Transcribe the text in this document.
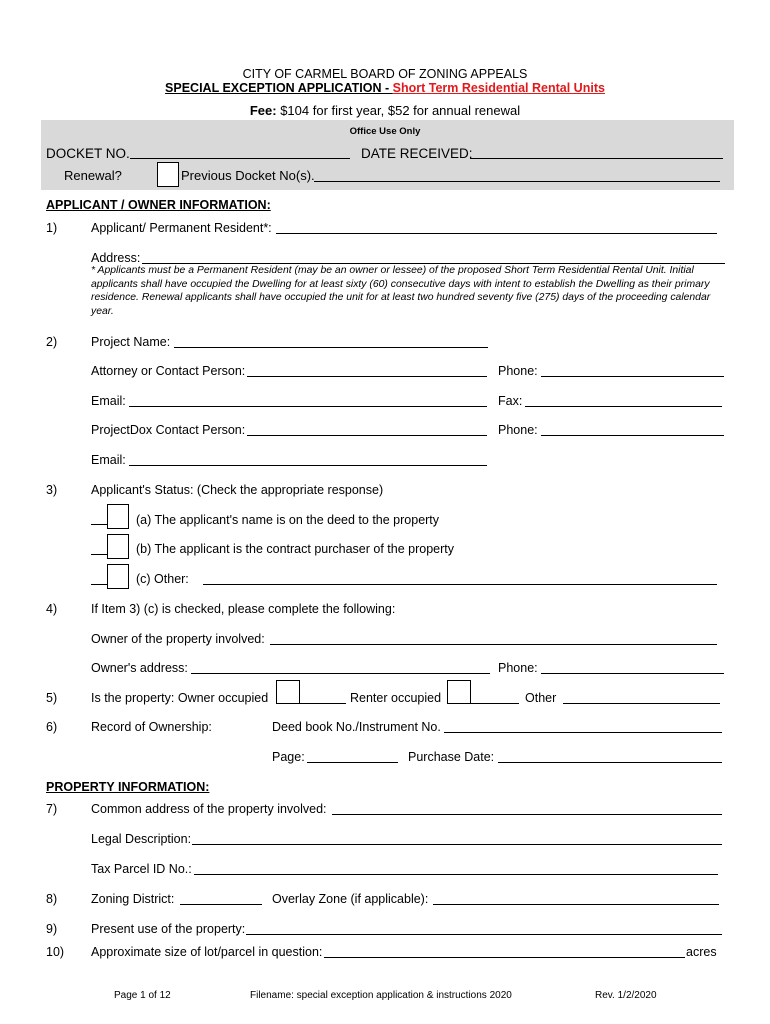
CITY OF CARMEL BOARD OF ZONING APPEALS
SPECIAL EXCEPTION APPLICATION - Short Term Residential Rental Units
Fee: $104 for first year, $52 for annual renewal
Office Use Only
DOCKET NO.	DATE RECEIVED:
Renewal?	Previous Docket No(s).
APPLICANT / OWNER INFORMATION:
1)	Applicant/ Permanent Resident*:
Address:
* Applicants must be a Permanent Resident (may be an owner or lessee) of the proposed Short Term Residential Rental Unit. Initial applicants shall have occupied the Dwelling for at least sixty (60) consecutive days with intent to establish the Dwelling as their primary residence. Renewal applicants shall have occupied the unit for at least two hundred seventy five (275) days of the proceeding calendar year.
2)	Project Name:
Attorney or Contact Person:	Phone:
Email:	Fax:
ProjectDox Contact Person:	Phone:
Email:
3)	Applicant's Status: (Check the appropriate response)
(a) The applicant's name is on the deed to the property
(b) The applicant is the contract purchaser of the property
(c) Other:
4)	If Item 3) (c) is checked, please complete the following:
Owner of the property involved:
Owner's address:	Phone:
5)	Is the property: Owner occupied	Renter occupied	Other
6)	Record of Ownership:	Deed book No./Instrument No.
Page:	Purchase Date:
PROPERTY INFORMATION:
7)	Common address of the property involved:
Legal Description:
Tax Parcel ID No.:
8)	Zoning District:	Overlay Zone (if applicable):
9)	Present use of the property:
10) Approximate size of lot/parcel in question:	acres
Page 1 of 12	Filename: special exception application & instructions 2020	Rev. 1/2/2020
